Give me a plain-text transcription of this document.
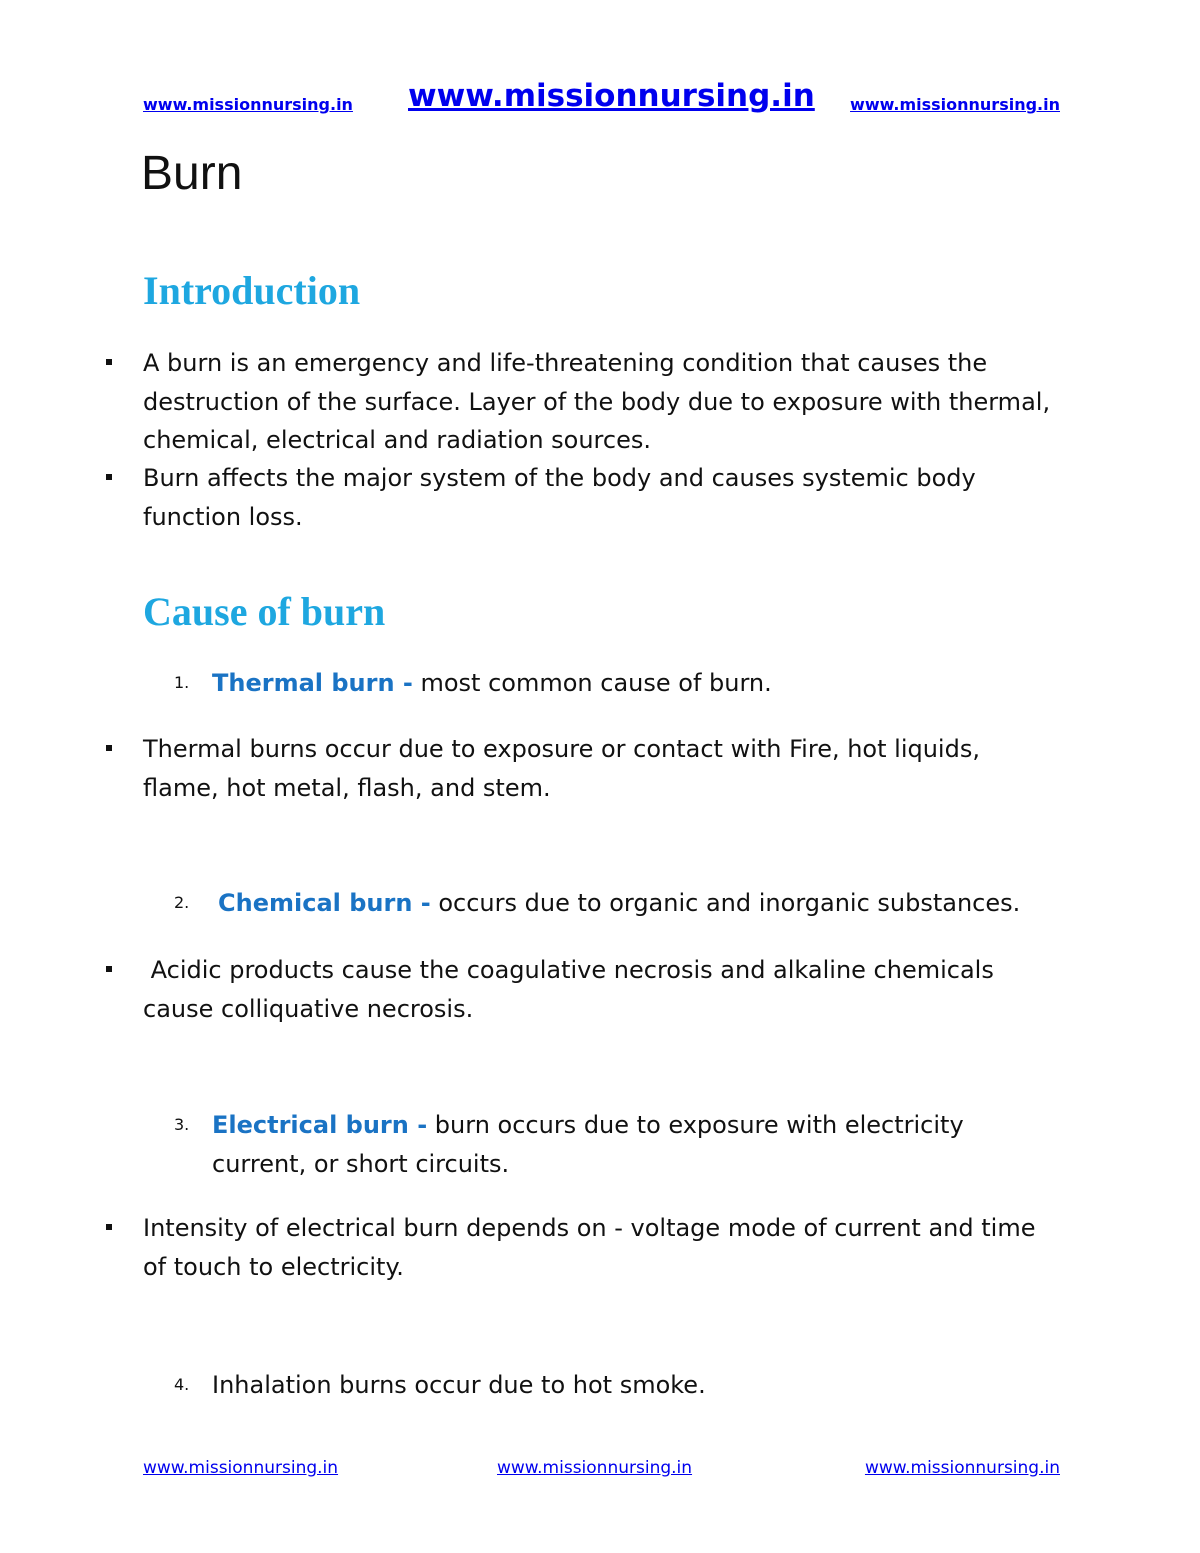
www.missionnursing.in www.missionnursing.in www.missionnursing.in
Burn
Introduction

A burn is an emergency and life-threatening condition that causes the destruction of the surface. Layer of the body due to exposure with thermal, chemical, electrical and radiation sources.

Burn affects the major system of the body and causes systemic body function loss.

Cause of burn
1. Thermal burn - most common cause of burn.

Thermal burns occur due to exposure or contact with Fire, hot liquids, flame, hot metal, flash, and stem.

2. Chemical burn - occurs due to organic and inorganic substances.

Acidic products cause the coagulative necrosis and alkaline chemicals cause colliquative necrosis.

3. Electrical burn - burn occurs due to exposure with electricity current, or short circuits.

Intensity of electrical burn depends on - voltage mode of current and time of touch to electricity.

4. Inhalation burns occur due to hot smoke.

www.missionnursing.in	www.missionnursing.in	www.missionnursing.in
